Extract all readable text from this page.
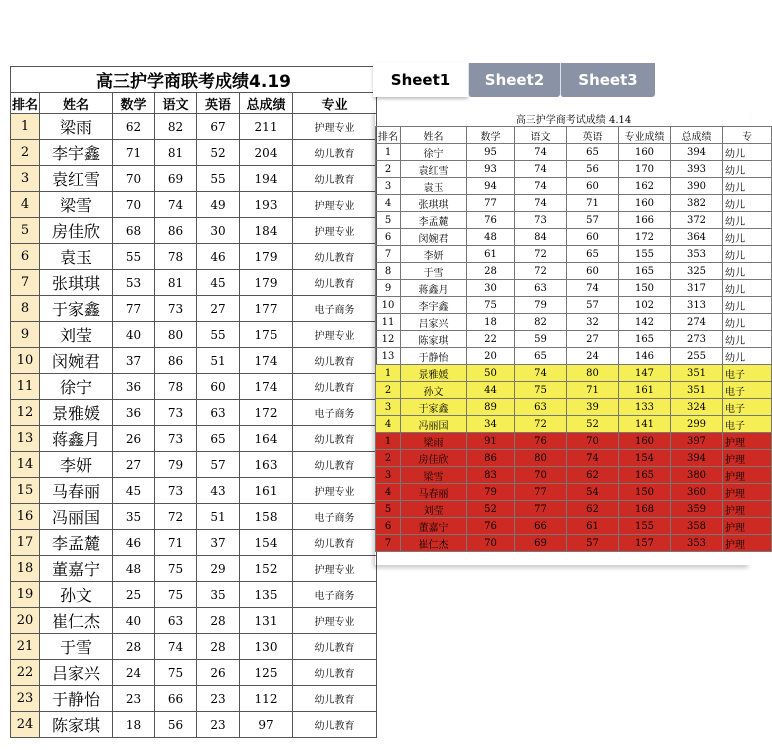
高三护学商联考成绩4.19						
排名	姓名	数学	语文	英语	总成绩	专业
1	梁雨	62	82	67	211	护理专业
2	李宇鑫	71	81	52	204	幼儿教育
3	袁红雪	70	69	55	194	幼儿教育
4	梁雪	70	74	49	193	护理专业
5	房佳欣	68	86	30	184	护理专业
6	袁玉	55	78	46	179	幼儿教育
7	张琪琪	53	81	45	179	幼儿教育
8	于家鑫	77	73	27	177	电子商务
9	刘莹	40	80	55	175	护理专业
10	闵婉君	37	86	51	174	幼儿教育
11	徐宁	36	78	60	174	幼儿教育
12	景雅媛	36	73	63	172	电子商务
13	蒋鑫月	26	73	65	164	幼儿教育
14	李妍	27	79	57	163	幼儿教育
15	马春丽	45	73	43	161	护理专业
16	冯丽国	35	72	51	158	电子商务
17	李孟麓	46	71	37	154	幼儿教育
18	董嘉宁	48	75	29	152	护理专业
19	孙文	25	75	35	135	电子商务
20	崔仁杰	40	63	28	131	护理专业
21	于雪	28	74	28	130	幼儿教育
22	吕家兴	24	75	26	125	幼儿教育
23	于静怡	23	66	23	112	幼儿教育
24	陈家琪	18	56	23	97	幼儿教育
Sheet1	Sheet2	Sheet3
高三护学商考试成绩 4.14							
排名	姓名	数学	语文	英语	专业成绩	总成绩	专
1	徐宁	95	74	65	160	394	幼儿
2	袁红雪	93	74	56	170	393	幼儿
3	袁玉	94	74	60	162	390	幼儿
4	张琪琪	77	74	71	160	382	幼儿
5	李孟麓	76	73	57	166	372	幼儿
6	闵婉君	48	84	60	172	364	幼儿
7	李妍	61	72	65	155	353	幼儿
8	于雪	28	72	60	165	325	幼儿
9	蒋鑫月	30	63	74	150	317	幼儿
10	李宇鑫	75	79	57	102	313	幼儿
11	吕家兴	18	82	32	142	274	幼儿
12	陈家琪	22	59	27	165	273	幼儿
13	于静怡	20	65	24	146	255	幼儿
1	景雅媛	50	74	80	147	351	电子
2	孙文	44	75	71	161	351	电子
3	于家鑫	89	63	39	133	324	电子
4	冯丽国	34	72	52	141	299	电子
1	梁雨	91	76	70	160	397	护理
2	房佳欣	86	80	74	154	394	护理
3	梁雪	83	70	62	165	380	护理
4	马春丽	79	77	54	150	360	护理
5	刘莹	52	77	62	168	359	护理
6	董嘉宁	76	66	61	155	358	护理
7	崔仁杰	70	69	57	157	353	护理
